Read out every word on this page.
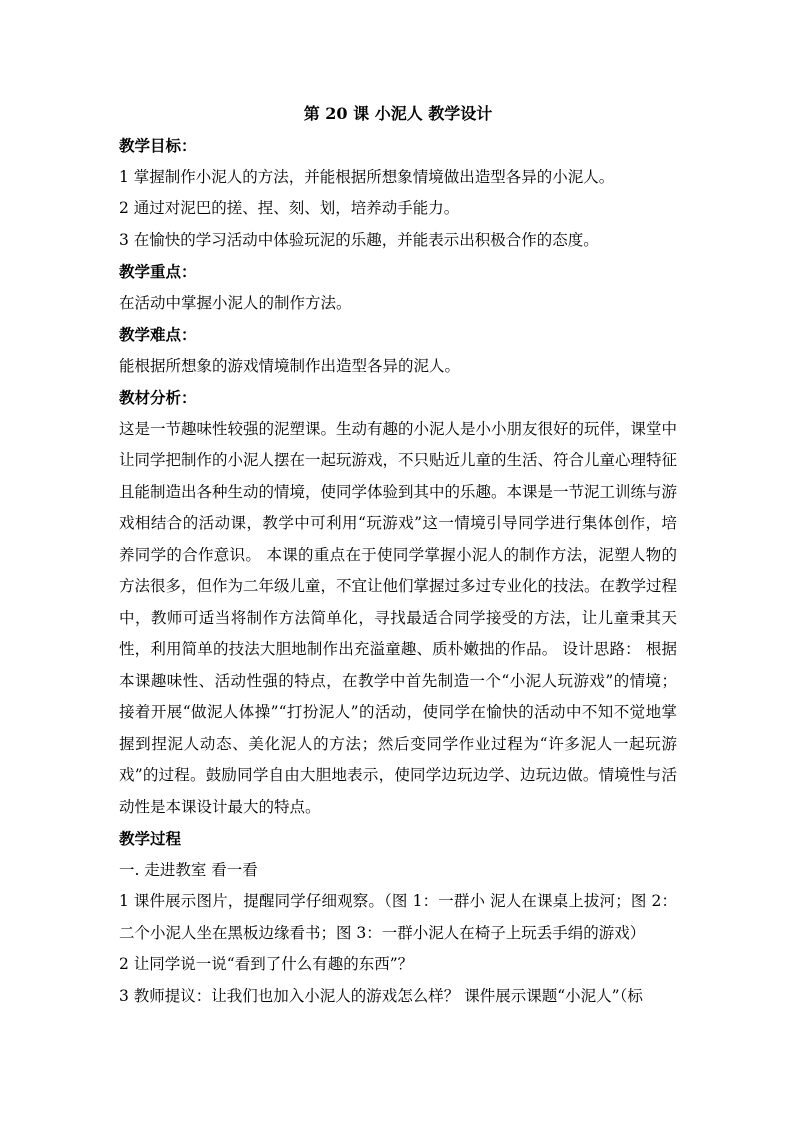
第 20 课 小泥人 教学设计

教学目标：

1 掌握制作小泥人的方法，并能根据所想象情境做出造型各异的小泥人。

2 通过对泥巴的搓、捏、刻、划，培养动手能力。

3 在愉快的学习活动中体验玩泥的乐趣，并能表示出积极合作的态度。

教学重点：

在活动中掌握小泥人的制作方法。

教学难点：

能根据所想象的游戏情境制作出造型各异的泥人。

教材分析：

这是一节趣味性较强的泥塑课。生动有趣的小泥人是小小朋友很好的玩伴，课堂中让同学把制作的小泥人摆在一起玩游戏，不只贴近儿童的生活、符合儿童心理特征且能制造出各种生动的情境，使同学体验到其中的乐趣。本课是一节泥工训练与游戏相结合的活动课，教学中可利用“玩游戏”这一情境引导同学进行集体创作，培养同学的合作意识。 本课的重点在于使同学掌握小泥人的制作方法，泥塑人物的方法很多，但作为二年级儿童，不宜让他们掌握过多过专业化的技法。在教学过程中，教师可适当将制作方法简单化，寻找最适合同学接受的方法，让儿童秉其天性，利用简单的技法大胆地制作出充溢童趣、质朴嫩拙的作品。 设计思路： 根据本课趣味性、活动性强的特点，在教学中首先制造一个“小泥人玩游戏”的情境；接着开展“做泥人体操”“打扮泥人”的活动，使同学在愉快的活动中不知不觉地掌握到捏泥人动态、美化泥人的方法；然后变同学作业过程为“许多泥人一起玩游戏”的过程。鼓励同学自由大胆地表示，使同学边玩边学、边玩边做。情境性与活动性是本课设计最大的特点。

教学过程

一. 走进教室 看一看

1 课件展示图片，提醒同学仔细观察。（图 1：一群小 泥人在课桌上拔河；图 2：二个小泥人坐在黑板边缘看书；图 3：一群小泥人在椅子上玩丢手绢的游戏）

2 让同学说一说“看到了什么有趣的东西”？

3 教师提议：让我们也加入小泥人的游戏怎么样？ 课件展示课题“小泥人”（标
